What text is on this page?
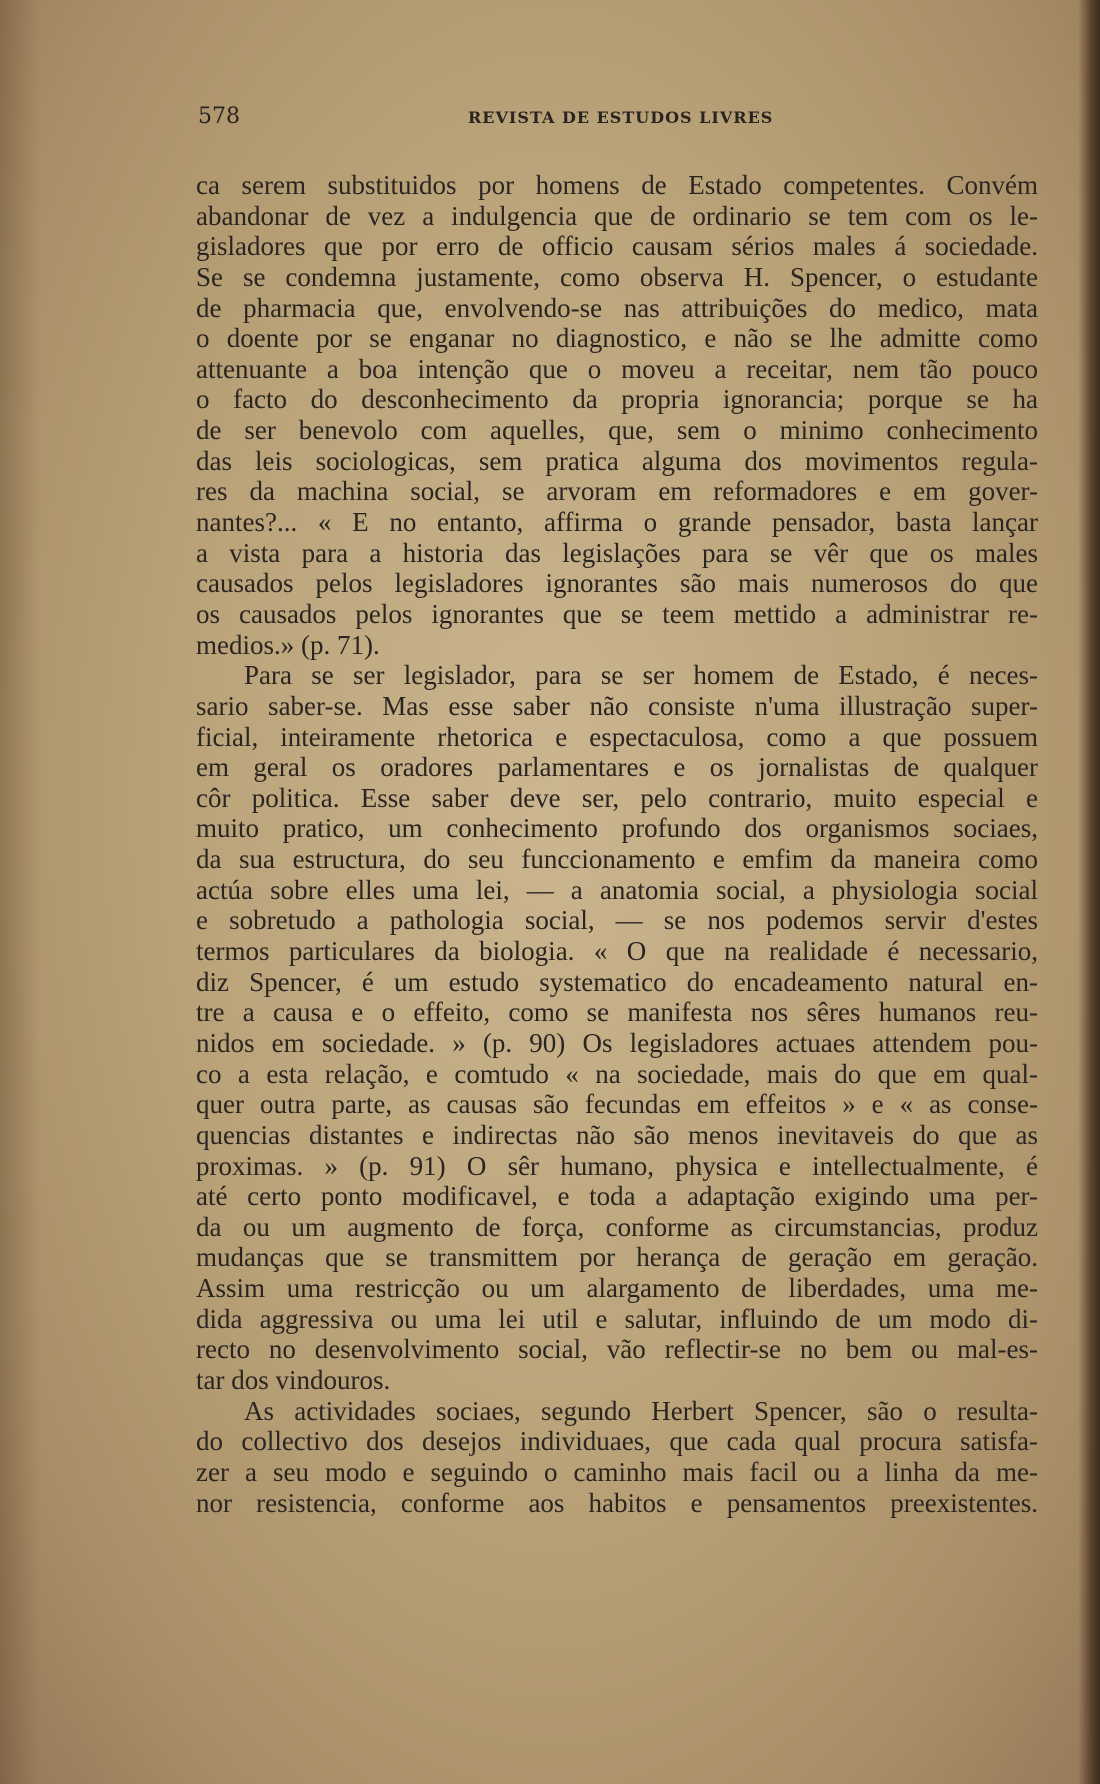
578	REVISTA DE ESTUDOS LIVRES
ca serem substituidos por homens de Estado competentes. Convém
abandonar de vez a indulgencia que de ordinario se tem com os le-
gisladores que por erro de officio causam sérios males á sociedade.
Se se condemna justamente, como observa H. Spencer, o estudante
de pharmacia que, envolvendo-se nas attribuições do medico, mata
o doente por se enganar no diagnostico, e não se lhe admitte como
attenuante a boa intenção que o moveu a receitar, nem tão pouco
o facto do desconhecimento da propria ignorancia; porque se ha
de ser benevolo com aquelles, que, sem o minimo conhecimento
das leis sociologicas, sem pratica alguma dos movimentos regula-
res da machina social, se arvoram em reformadores e em gover-
nantes?... « E no entanto, affirma o grande pensador, basta lançar
a vista para a historia das legislações para se vêr que os males
causados pelos legisladores ignorantes são mais numerosos do que
os causados pelos ignorantes que se teem mettido a administrar re-
medios.» (p. 71).
Para se ser legislador, para se ser homem de Estado, é neces-
sario saber-se. Mas esse saber não consiste n'uma illustração super-
ficial, inteiramente rhetorica e espectaculosa, como a que possuem
em geral os oradores parlamentares e os jornalistas de qualquer
côr politica. Esse saber deve ser, pelo contrario, muito especial e
muito pratico, um conhecimento profundo dos organismos sociaes,
da sua estructura, do seu funccionamento e emfim da maneira como
actúa sobre elles uma lei, — a anatomia social, a physiologia social
e sobretudo a pathologia social, — se nos podemos servir d'estes
termos particulares da biologia. « O que na realidade é necessario,
diz Spencer, é um estudo systematico do encadeamento natural en-
tre a causa e o effeito, como se manifesta nos sêres humanos reu-
nidos em sociedade. » (p. 90) Os legisladores actuaes attendem pou-
co a esta relação, e comtudo « na sociedade, mais do que em qual-
quer outra parte, as causas são fecundas em effeitos » e « as conse-
quencias distantes e indirectas não são menos inevitaveis do que as
proximas. » (p. 91) O sêr humano, physica e intellectualmente, é
até certo ponto modificavel, e toda a adaptação exigindo uma per-
da ou um augmento de força, conforme as circumstancias, produz
mudanças que se transmittem por herança de geração em geração.
Assim uma restricção ou um alargamento de liberdades, uma me-
dida aggressiva ou uma lei util e salutar, influindo de um modo di-
recto no desenvolvimento social, vão reflectir-se no bem ou mal-es-
tar dos vindouros.
As actividades sociaes, segundo Herbert Spencer, são o resulta-
do collectivo dos desejos individuaes, que cada qual procura satisfa-
zer a seu modo e seguindo o caminho mais facil ou a linha da me-
nor resistencia, conforme aos habitos e pensamentos preexistentes.
